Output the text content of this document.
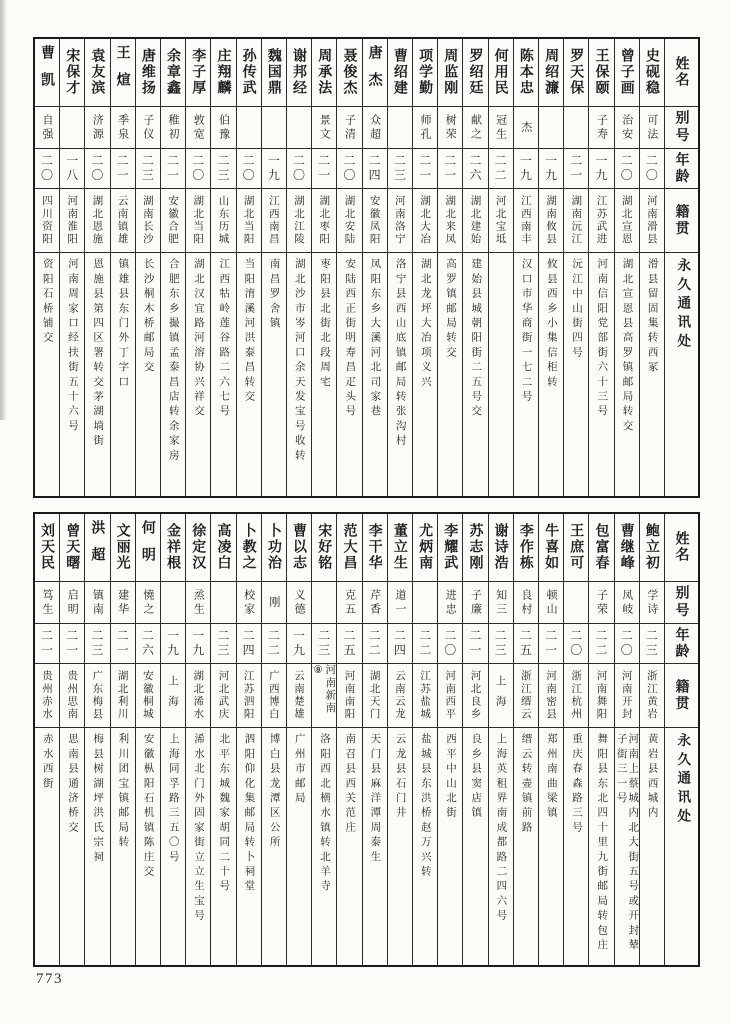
姓名
别号
年龄
籍贯
永久通讯处
史砚稳
可法
二〇
河南滑县
滑县留固集转西冢
曾子画
治安
二〇
湖北宣恩
湖北宣恩县高罗镇邮局转交
王保颐
子寿
一九
江苏武进
河南信阳党部街六十三号
罗天保
二一
湖南沅江
沅江中山街四号
周绍濂
一九
湖南攸县
攸县西乡小集信柜转
陈本忠
杰
一九
江西南丰
汉口市华商街一七二号
何用民
冠生
二二
河北宝坻
罗绍廷
献之
二六
湖北建始
建始县城朝阳街二五号交
周监刚
树荣
二一
湖北来凤
高罗镇邮局转交
项学勤
师孔
二一
湖北大冶
湖北龙坪大冶项义兴
曹绍建
二三
河南洛宁
洛宁县西山底镇邮局转张沟村
唐杰
众超
二四
安徽凤阳
凤阳东乡大溪河北司家巷
聂俊杰
子清
二〇
湖北安陆
安陆西正街明寿昌疋头号
周承法
景文
二一
湖北枣阳
枣阳县北街北段周宅
谢邦经
二〇
湖北江陵
湖北沙市岑河口余天发宝号收转
魏国鼎
一九
江西南昌
南昌罗舍镇
孙传武
二〇
湖北当阳
当阳淯溪河洪泰昌转交
庄翔麟
伯豫
二三
山东历城
江西牯岭莲谷路二六七号
李子厚
敦宽
二〇
湖北当阳
湖北汉宜路河溶协兴祥交
余章鑫
稚初
二一
安徽合肥
合肥东乡撮镇孟泰昌店转余家房
唐维扬
子仪
二三
湖南长沙
长沙桐木桥邮局交
王煊
季泉
二一
云南镇雄
镇雄县东门外丁字口
袁友滨
济源
二〇
湖北恩施
恩施县第四区署转交茅湖埫街
宋保才
一八
河南淮阳
河南周家口经扶街五十六号
曹凯
自强
二〇
四川资阳
资阳石桥铺交
姓名
别号
年龄
籍贯
永久通讯处
鲍立初
学诗
二三
浙江黄岩
黄岩县西城内
曹继峰
凤岐
二〇
河南开封
河南上蔡城内北大街五号或开封辇子街三一号
包富春
子荣
二二
河南舞阳
舞阳县东北四十里九街邮局转包庄
王庶可
二〇
浙江杭州
重庆春森路三号
牛喜如
顿山
二一
河南密县
郑州南曲梁镇
李作栋
良村
二五
浙江缙云
缙云转壶镇前路
谢诗浩
知三
二三
上海
上海英租界南成都路二四六号
苏志刚
子廉
二一
河北良乡
良乡县窦店镇
李耀武
进忠
二〇
河南西平
西平中山北街
尤炳南
二二
江苏盐城
盐城县东洪桥赵万兴转
董立生
道一
二四
云南云龙
云龙县石门井
李干华
芹香
二二
湖北天门
天门县麻洋潭周泰生
范大昌
克五
二五
河南南阳
南召县西关范庄
宋好铭
二三
河南新南⑧
洛阳西北横水镇转北羊寺
曹以志
义德
一九
云南楚雄
广州市邮局
卜功治
刚
二二
广西博白
博白县龙潭区公所
卜教之
校家
二四
江苏泗阳
泗阳仰化集邮局转卜祠堂
高凌白
二三
河北武庆
北平东城魏家胡同二十号
徐定汉
烝生
一九
湖北浠水
浠水北门外固家街立立生宝号
金祥根
一九
上海
上海同孚路三五〇号
何明
憢之
二六
安徽桐城
安徽枞阳石机镇陈庄交
文丽光
建华
二一
湖北利川
利川团宝镇邮局转
洪超
镇南
二三
广东梅县
梅县树湖坪洪氏宗祠
曾天曙
启明
二一
贵州思南
思南县通济桥交
刘天民
笃生
二一
贵州赤水
赤水西街
773
